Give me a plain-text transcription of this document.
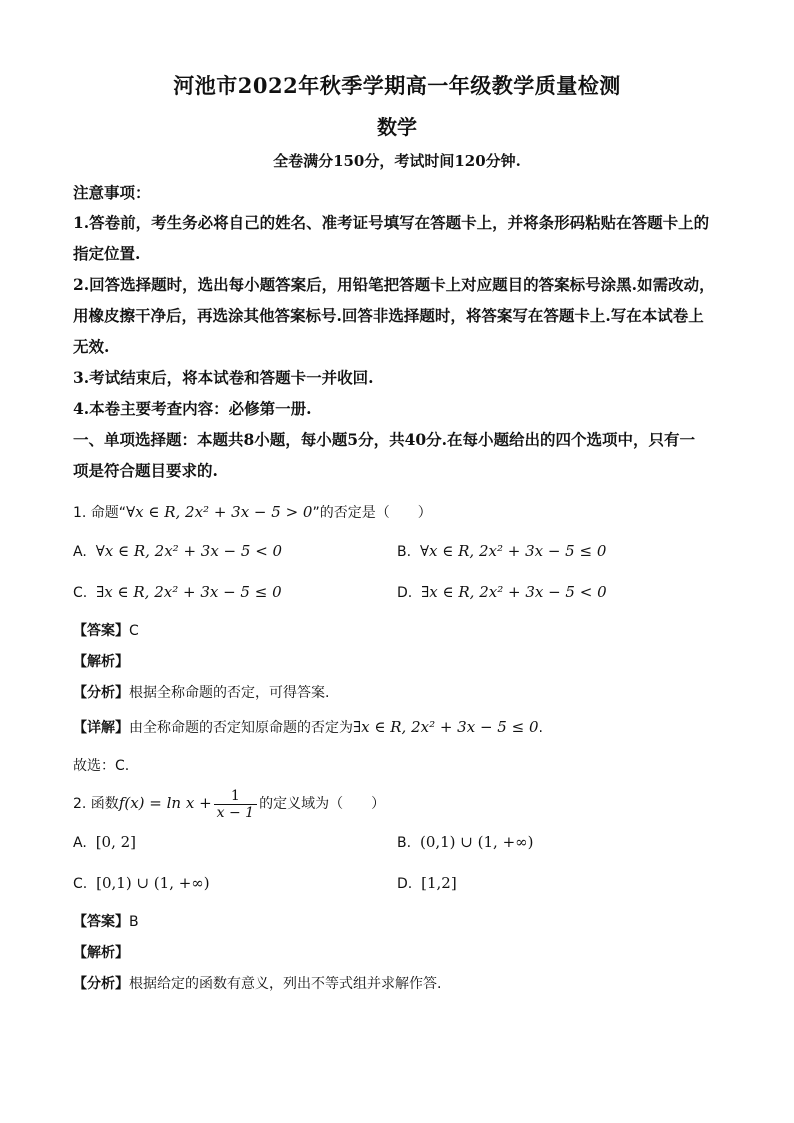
河池市2022年秋季学期高一年级教学质量检测
数学
全卷满分150分，考试时间120分钟.
注意事项：
1.答卷前，考生务必将自己的姓名、准考证号填写在答题卡上，并将条形码粘贴在答题卡上的
指定位置.
2.回答选择题时，选出每小题答案后，用铅笔把答题卡上对应题目的答案标号涂黑.如需改动，
用橡皮擦干净后，再选涂其他答案标号.回答非选择题时，将答案写在答题卡上.写在本试卷上
无效.
3.考试结束后，将本试卷和答题卡一并收回.
4.本卷主要考查内容：必修第一册.
一、单项选择题：本题共8小题，每小题5分，共40分.在每小题给出的四个选项中，只有一
项是符合题目要求的.
1. 命题“∀x ∈ R, 2x² + 3x − 5 > 0”的否定是（　　）
A. ∀x ∈ R, 2x² + 3x − 5 < 0	B. ∀x ∈ R, 2x² + 3x − 5 ≤ 0
C. ∃x ∈ R, 2x² + 3x − 5 ≤ 0	D. ∃x ∈ R, 2x² + 3x − 5 < 0
【答案】C
【解析】
【分析】根据全称命题的否定，可得答案.
【详解】由全称命题的否定知原命题的否定为∃x ∈ R, 2x² + 3x − 5 ≤ 0.
故选：C.
2. 函数$f(x) = \ln x + \frac{1}{x - 1}$ 的定义域为（　　）
A. [0, 2]	B. (0,1) ∪ (1, +∞)
C. [0,1) ∪ (1, +∞)	D. [1,2]
【答案】B
【解析】
【分析】根据给定的函数有意义，列出不等式组并求解作答.
